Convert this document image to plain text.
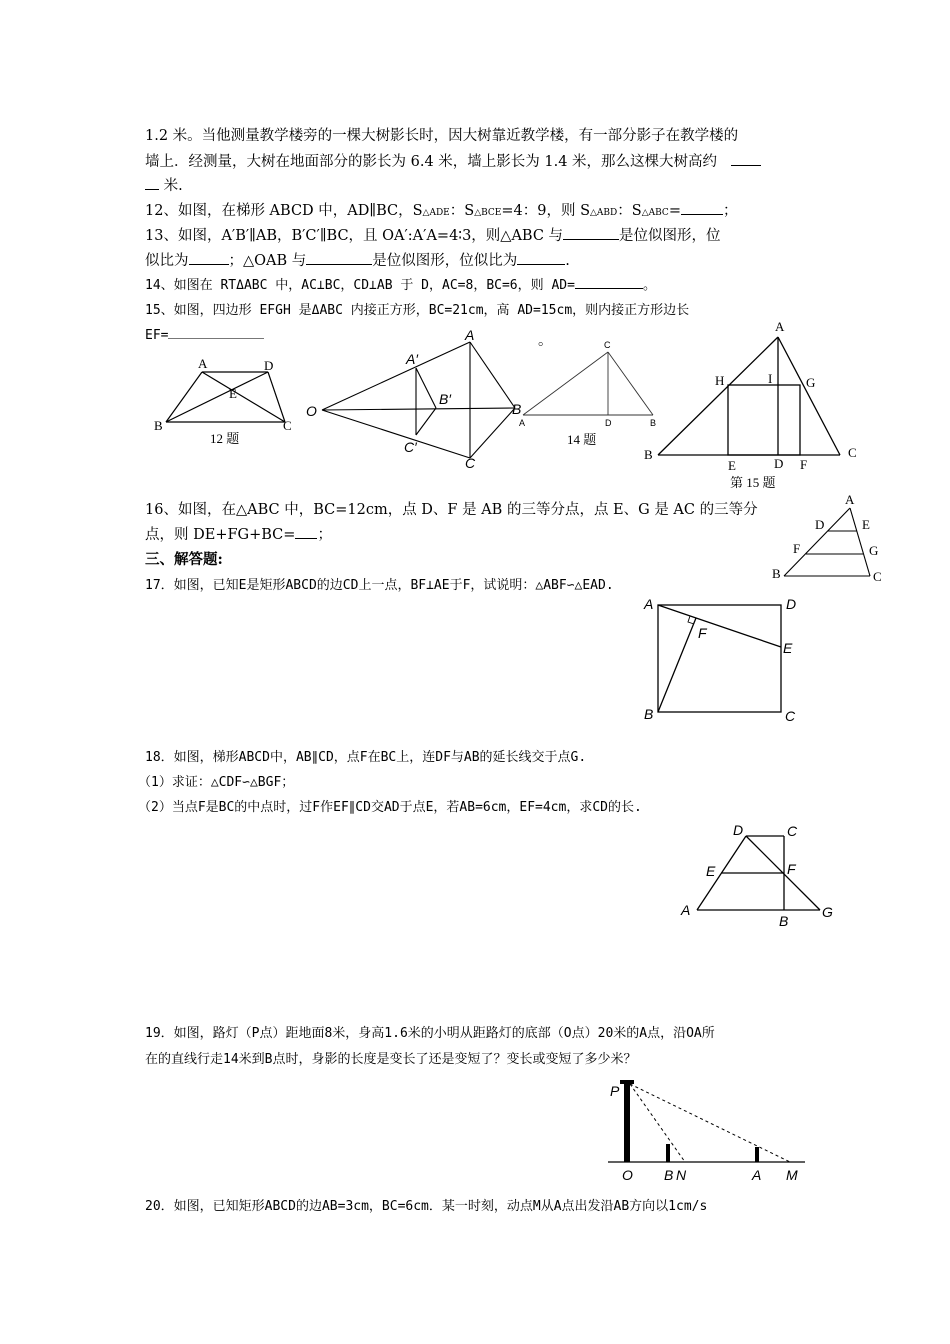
1.2 米。当他测量教学楼旁的一棵大树影长时，因大树靠近教学楼，有一部分影子在教学楼的
墙上．经测量，大树在地面部分的影长为 6.4 米，墙上影长为 1.4 米，那么这棵大树高约
米.
12、如图，在梯形 ABCD 中，AD∥BC，S△ADE：S△BCE=4：9，则 S△ABD：S△ABC=	；
13、如图，A′B′∥AB，B′C′∥BC，且 OA′:A′A=4∶3，则△ABC 与	是位似图形，位
似比为	；△OAB 与	是位似图形，位似比为	.
14、如图在 RTΔABC 中，AC⊥BC，CD⊥AB 于 D，AC=8，BC=6，则 AD=	。
15、如图，四边形 EFGH 是ΔABC 内接正方形，BC=21cm，高 AD=15cm，则内接正方形边长
EF=	。
A	D
E
B	C
12 题
O
A′
B′
C′
A
B
C
C
A	D	B
14 题
A
H	I	G
B
E	D F
C
第 15 题
16、如图，在△ABC 中，BC=12cm，点 D、F 是 AB 的三等分点，点 E、G 是 AC 的三等分
点，则 DE+FG+BC= ；
A
D	E
F	G
B	C
三、解答题:
17．如图，已知E是矩形ABCD的边CD上一点，BF⊥AE于F，试说明：△ABF∽△EAD.
A	D
F
E
B	C
18．如图，梯形ABCD中，AB∥CD，点F在BC上，连DF与AB的延长线交于点G.
（1）求证：△CDF∽△BGF；
（2）当点F是BC的中点时，过F作EF∥CD交AD于点E，若AB=6cm，EF=4cm，求CD的长.
D	C
E	F
A
B
G
19．如图，路灯（P点）距地面8米，身高1.6米的小明从距路灯的底部（O点）20米的A点，沿OA所
在的直线行走14米到B点时，身影的长度是变长了还是变短了？变长或变短了多少米？
P
O B N	A M
20．如图，已知矩形ABCD的边AB=3cm，BC=6cm．某一时刻，动点M从A点出发沿AB方向以1cm/s
